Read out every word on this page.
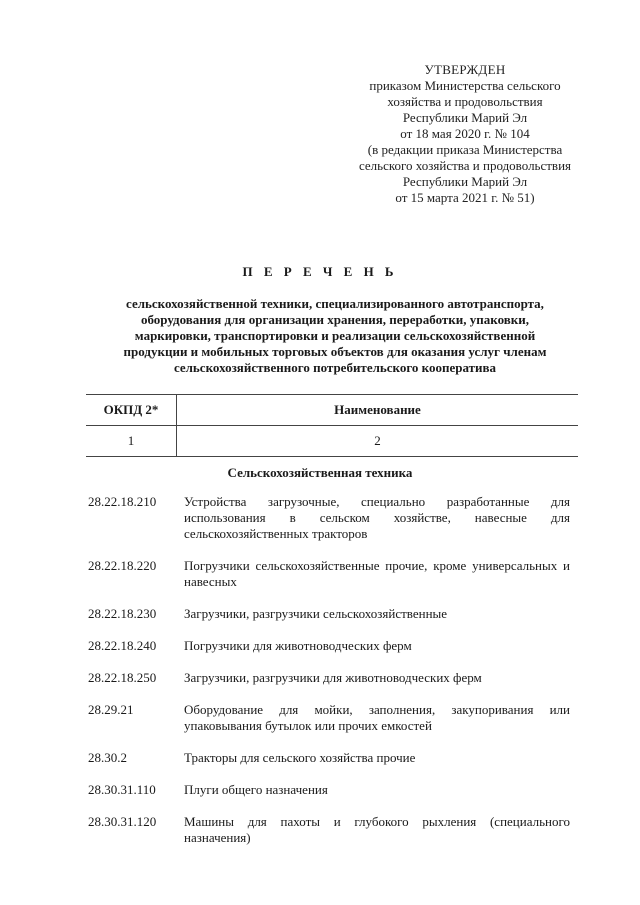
УТВЕРЖДЕН
приказом Министерства сельского
хозяйства и продовольствия
Республики Марий Эл
от 18 мая 2020 г. № 104
(в редакции приказа Министерства
сельского хозяйства и продовольствия
Республики Марий Эл
от 15 марта 2021 г. № 51)
П Е Р Е Ч Е Н Ь
сельскохозяйственной техники, специализированного автотранспорта,
оборудования для организации хранения, переработки, упаковки,
маркировки, транспортировки и реализации сельскохозяйственной
продукции и мобильных торговых объектов для оказания услуг членам
сельскохозяйственного потребительского кооператива
ОКПД 2*	Наименование
1	2
Сельскохозяйственная техника
28.22.18.210	Устройства загрузочные, специально разработанные для использования в сельском хозяйстве, навесные для сельскохозяйственных тракторов
28.22.18.220	Погрузчики сельскохозяйственные прочие, кроме универсальных и навесных
28.22.18.230	Загрузчики, разгрузчики сельскохозяйственные
28.22.18.240	Погрузчики для животноводческих ферм
28.22.18.250	Загрузчики, разгрузчики для животноводческих ферм
28.29.21	Оборудование для мойки, заполнения, закупоривания или упаковывания бутылок или прочих емкостей
28.30.2	Тракторы для сельского хозяйства прочие
28.30.31.110	Плуги общего назначения
28.30.31.120	Машины для пахоты и глубокого рыхления (специального назначения)
